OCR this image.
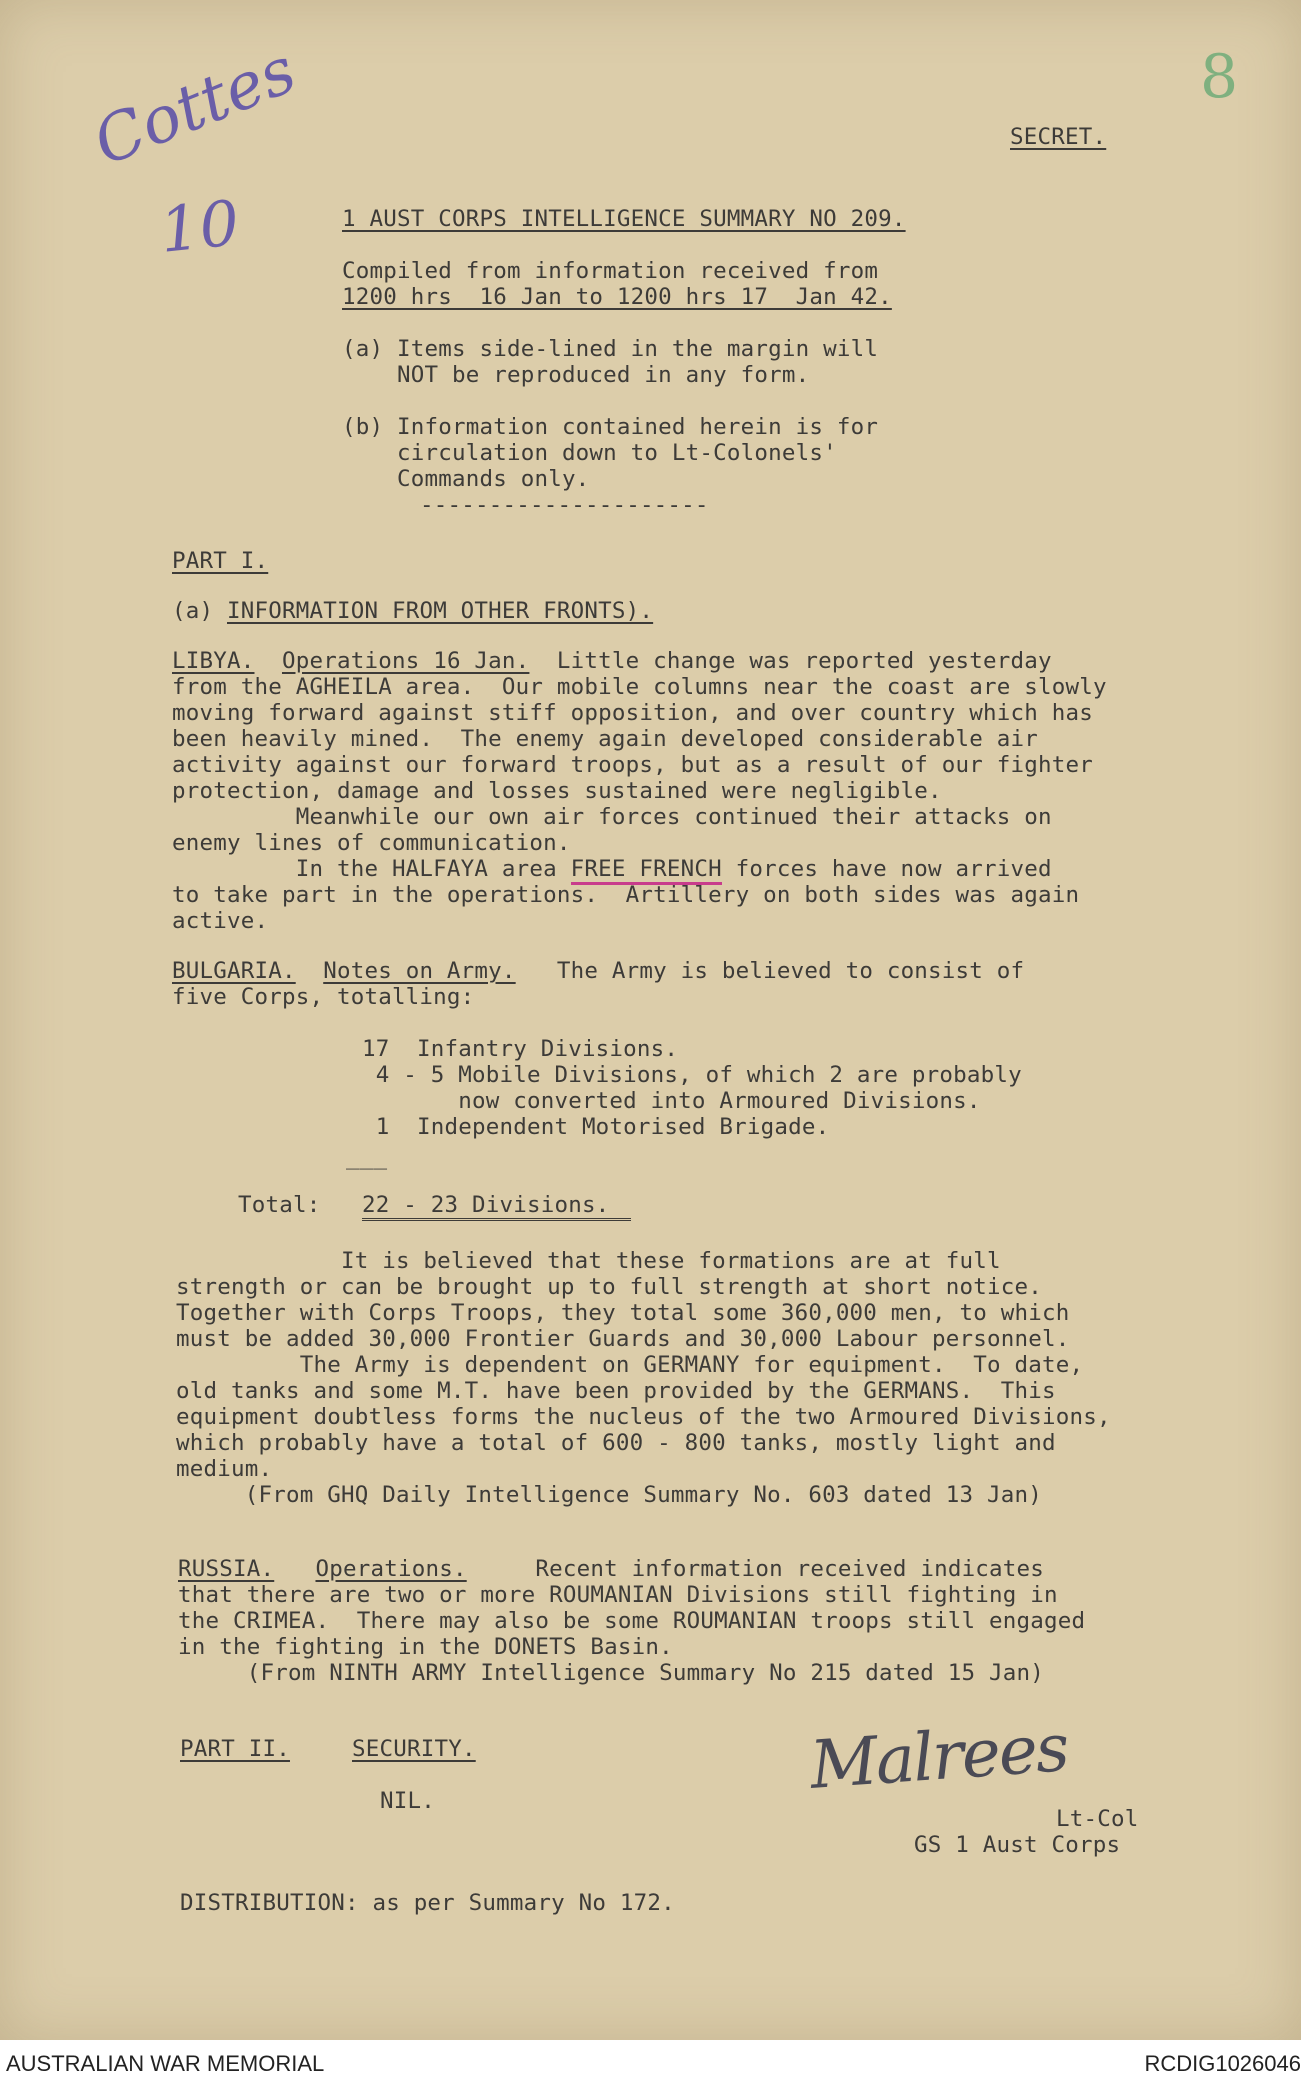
Cottes
10
8
SECRET.
1 AUST CORPS INTELLIGENCE SUMMARY NO 209.
Compiled from information received from
1200 hrs  16 Jan to 1200 hrs 17  Jan 42.
(a) Items side-lined in the margin will
NOT be reproduced in any form.
(b) Information contained herein is for
circulation down to Lt-Colonels'
Commands only.
---------------------
PART I.
(a) INFORMATION FROM OTHER FRONTS).
LIBYA. Operations 16 Jan.  Little change was reported yesterday
from the AGHEILA area.  Our mobile columns near the coast are slowly
moving forward against stiff opposition, and over country which has
been heavily mined.  The enemy again developed considerable air
activity against our forward troops, but as a result of our fighter
protection, damage and losses sustained were negligible.
Meanwhile our own air forces continued their attacks on
enemy lines of communication.
In the HALFAYA area FREE FRENCH forces have now arrived
to take part in the operations.  Artillery on both sides was again
active.
BULGARIA. Notes on Army.   The Army is believed to consist of
five Corps, totalling:
17  Infantry Divisions.
4 - 5 Mobile Divisions, of which 2 are probably
now converted into Armoured Divisions.
1  Independent Motorised Brigade.
___
Total: 22 - 23 Divisions.
It is believed that these formations are at full
strength or can be brought up to full strength at short notice.
Together with Corps Troops, they total some 360,000 men, to which
must be added 30,000 Frontier Guards and 30,000 Labour personnel.
The Army is dependent on GERMANY for equipment.  To date,
old tanks and some M.T. have been provided by the GERMANS.  This
equipment doubtless forms the nucleus of the two Armoured Divisions,
which probably have a total of 600 - 800 tanks, mostly light and
medium.
(From GHQ Daily Intelligence Summary No. 603 dated 13 Jan)
RUSSIA. Operations.     Recent information received indicates
that there are two or more ROUMANIAN Divisions still fighting in
the CRIMEA.  There may also be some ROUMANIAN troops still engaged
in the fighting in the DONETS Basin.
(From NINTH ARMY Intelligence Summary No 215 dated 15 Jan)
PART II.	SECURITY.
NIL.	Malrees
Lt-Col
GS 1 Aust Corps
DISTRIBUTION: as per Summary No 172.
AUSTRALIAN WAR MEMORIAL	RCDIG1026046
